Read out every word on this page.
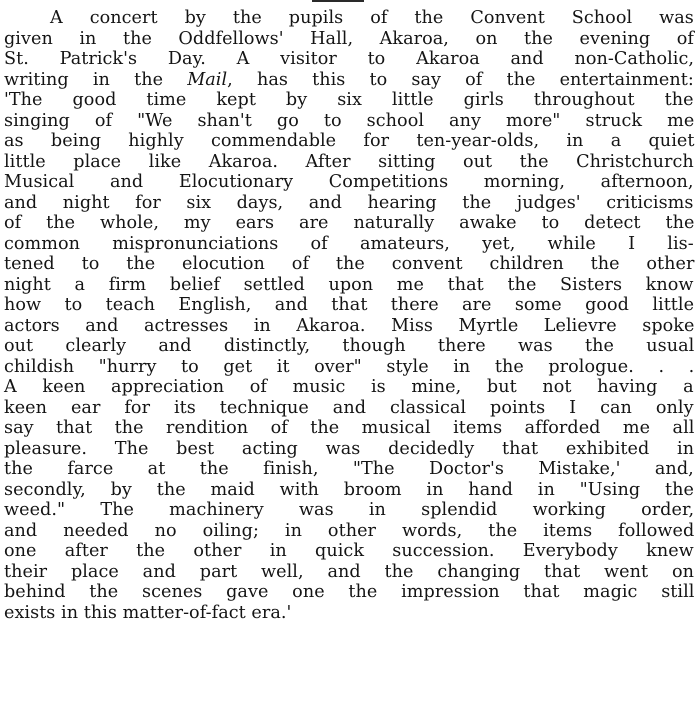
A concert by the pupils of the Convent School was
given in the Oddfellows' Hall, Akaroa, on the evening of
St. Patrick's Day. A visitor to Akaroa and non-Catholic,
writing in the Mail, has this to say of the entertainment:
'The good time kept by six little girls throughout the
singing of "We shan't go to school any more" struck me
as being highly commendable for ten-year-olds, in a quiet
little place like Akaroa. After sitting out the Christchurch
Musical and Elocutionary Competitions morning, afternoon,
and night for six days, and hearing the judges' criticisms
of the whole, my ears are naturally awake to detect the
common mispronunciations of amateurs, yet, while I lis-
tened to the elocution of the convent children the other
night a firm belief settled upon me that the Sisters know
how to teach English, and that there are some good little
actors and actresses in Akaroa. Miss Myrtle Lelievre spoke
out clearly and distinctly, though there was the usual
childish "hurry to get it over" style in the prologue. . .
A keen appreciation of music is mine, but not having a
keen ear for its technique and classical points I can only
say that the rendition of the musical items afforded me all
pleasure. The best acting was decidedly that exhibited in
the farce at the finish, "The Doctor's Mistake,' and,
secondly, by the maid with broom in hand in "Using the
weed." The machinery was in splendid working order,
and needed no oiling; in other words, the items followed
one after the other in quick succession. Everybody knew
their place and part well, and the changing that went on
behind the scenes gave one the impression that magic still
exists in this matter-of-fact era.'
